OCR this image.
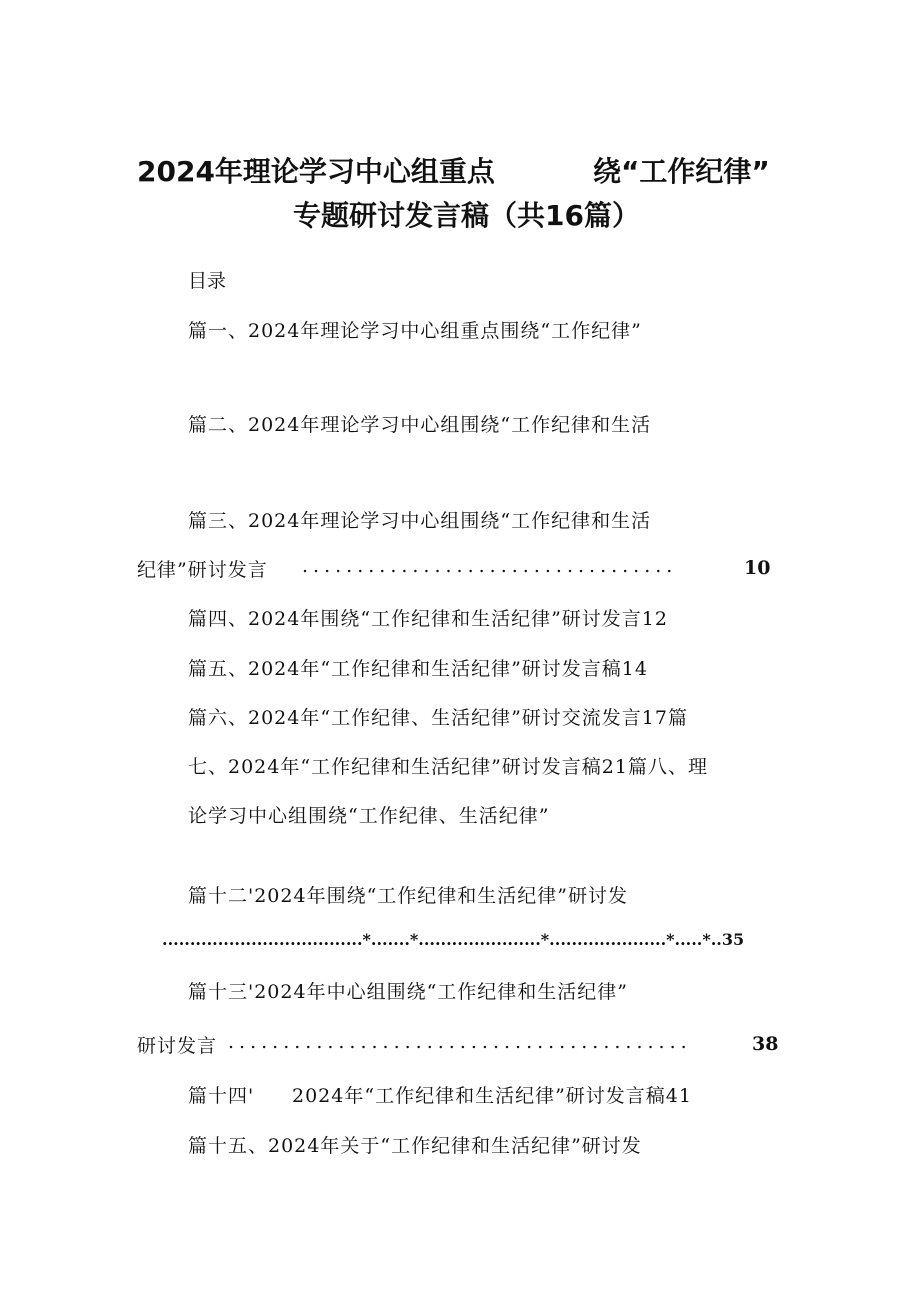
2024年理论学习中心组重点	绕“工作纪律”
专题研讨发言稿（共16篇）
目录
篇一、2024年理论学习中心组重点围绕“工作纪律”
篇二、2024年理论学习中心组围绕“工作纪律和生活
篇三、2024年理论学习中心组围绕“工作纪律和生活
纪律”研讨发言 ..................................	10
篇四、2024年围绕“工作纪律和生活纪律”研讨发言12
篇五、2024年“工作纪律和生活纪律”研讨发言稿14
篇六、2024年“工作纪律、生活纪律”研讨交流发言17篇
七、2024年“工作纪律和生活纪律”研讨发言稿21篇八、理
论学习中心组围绕“工作纪律、生活纪律”
篇十二'2024年围绕“工作纪律和生活纪律”研讨发
....................................*.......*......................*.....................*.....*..35
篇十三'2024年中心组围绕“工作纪律和生活纪律”
研讨发言 ..........................................	38
篇十四' 2024年“工作纪律和生活纪律”研讨发言稿41
篇十五、2024年关于“工作纪律和生活纪律”研讨发
